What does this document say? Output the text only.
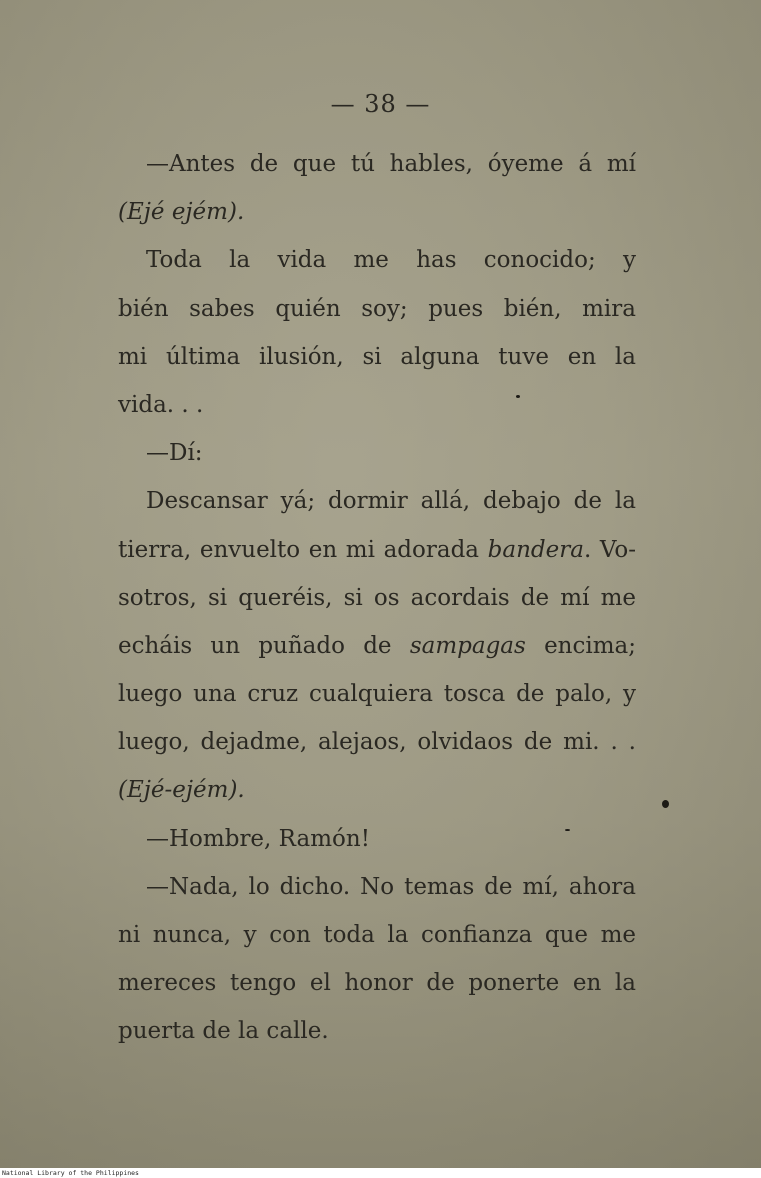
— 38 —
—Antes de que tú hables, óyeme á mí
(Ejé ejém).
Toda la vida me has conocido; y
bién sabes quién soy; pues bién, mira
mi última ilusión, si alguna tuve en la
vida. . .
—Dí:
Descansar yá; dormir allá, debajo de la
tierra, envuelto en mi adorada bandera. Vo-
sotros, si queréis, si os acordais de mí me
echáis un puñado de sampagas encima;
luego una cruz cualquiera tosca de palo, y
luego, dejadme, alejaos, olvidaos de mi. . .
(Ejé-ejém).
—Hombre, Ramón!
—Nada, lo dicho. No temas de mí, ahora
ni nunca, y con toda la confianza que me
mereces tengo el honor de ponerte en la
puerta de la calle.
National Library of the Philippines
